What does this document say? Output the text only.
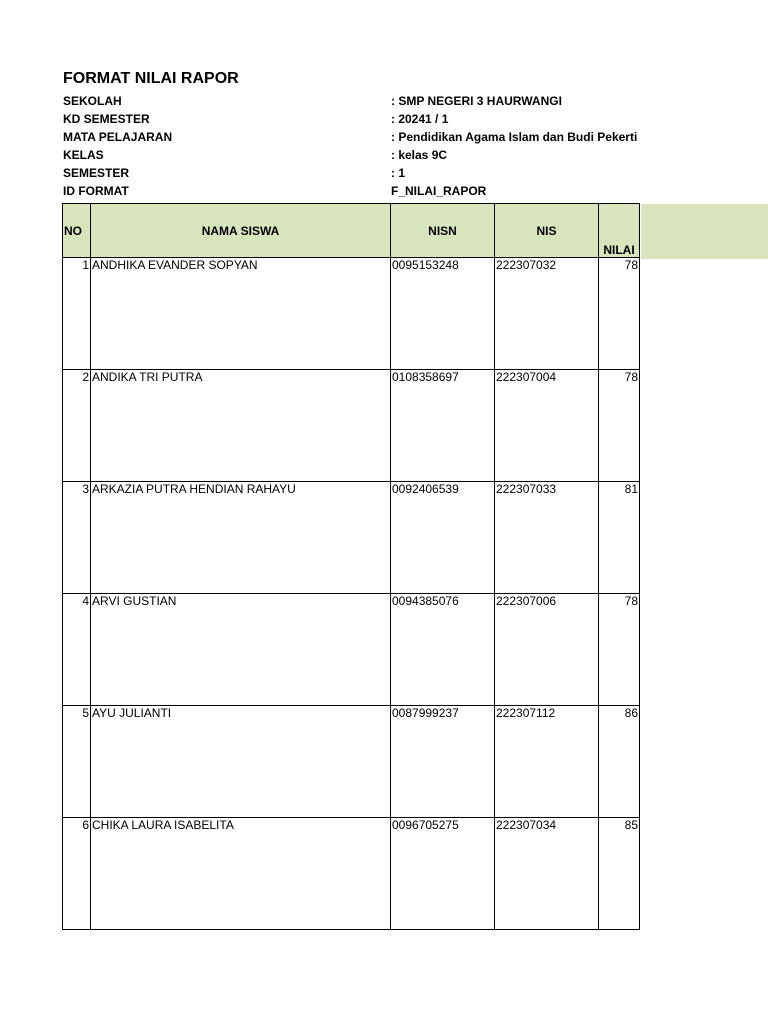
FORMAT NILAI RAPOR
SEKOLAH	: SMP NEGERI 3 HAURWANGI
KD SEMESTER	: 20241 / 1
MATA PELAJARAN	: Pendidikan Agama Islam dan Budi Pekerti
KELAS	: kelas 9C
SEMESTER	: 1
ID FORMAT	F_NILAI_RAPOR
NO	NAMA SISWA	NISN	NIS	NILAI
1	ANDHIKA EVANDER SOPYAN	0095153248	222307032	78
2	ANDIKA TRI PUTRA	0108358697	222307004	78
3	ARKAZIA PUTRA HENDIAN RAHAYU	0092406539	222307033	81
4	ARVI GUSTIAN	0094385076	222307006	78
5	AYU JULIANTI	0087999237	222307112	86
6	CHIKA LAURA ISABELITA	0096705275	222307034	85
